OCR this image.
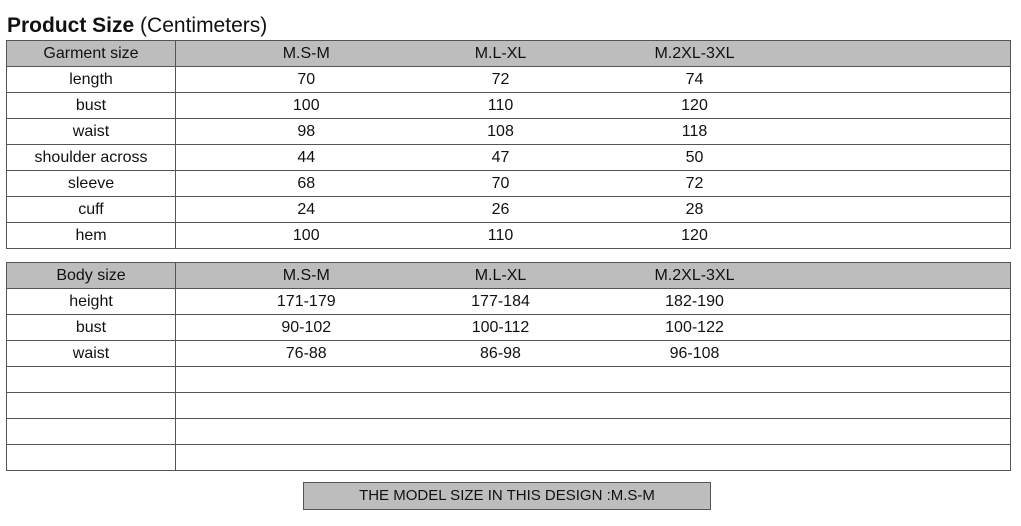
Product Size (Centimeters)
Garment size	M.S-M	M.L-XL	M.2XL-3XL	
length	70	72	74	
bust	100	110	120	
waist	98	108	118	
shoulder across	44	47	50	
sleeve	68	70	72	
cuff	24	26	28	
hem	100	110	120	
Body size	M.S-M	M.L-XL	M.2XL-3XL	
height	171-179	177-184	182-190	
bust	90-102	100-112	100-122	
waist	76-88	86-98	96-108	

THE MODEL SIZE IN THIS DESIGN :M.S-M
